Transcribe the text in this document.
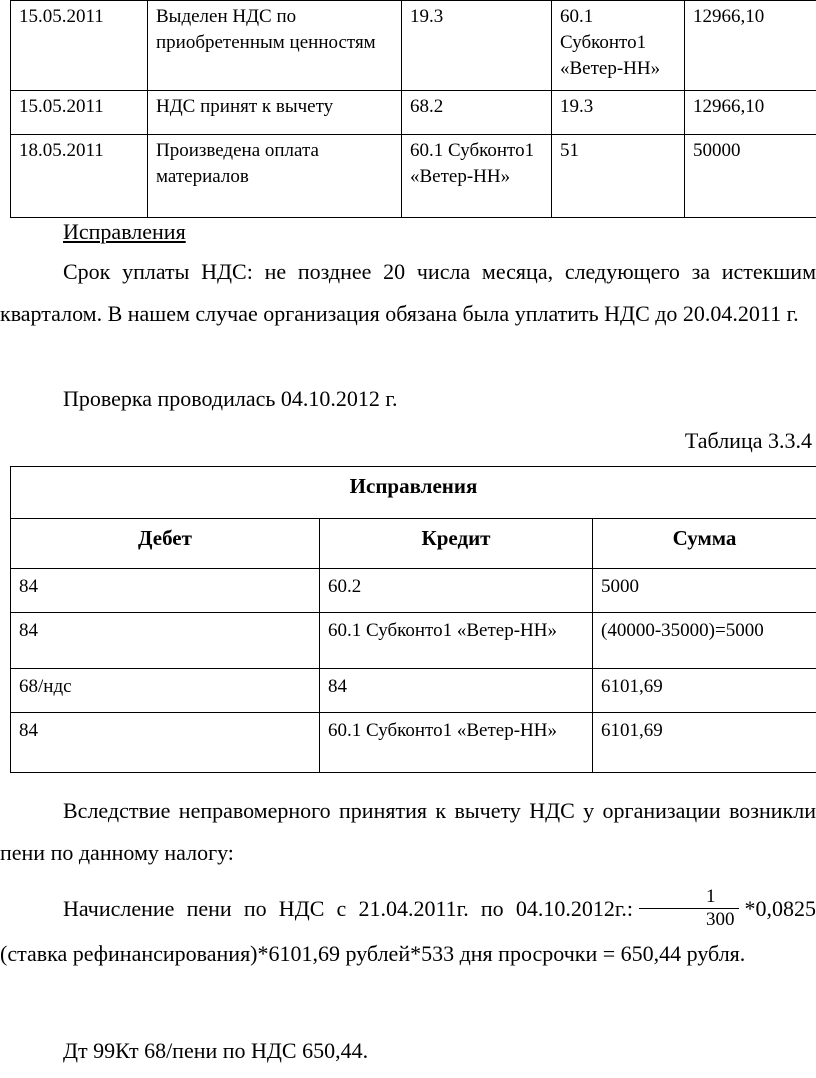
15.05.2011	Выделен НДС по приобретенным ценностям	19.3	60.1 Субконто1 «Ветер-НН»	12966,10
15.05.2011	НДС принят к вычету	68.2	19.3	12966,10
18.05.2011	Произведена оплата материалов	60.1 Субконто1 «Ветер-НН»	51	50000

Исправления

Срок уплаты НДС: не позднее 20 числа месяца, следующего за истекшим кварталом. В нашем случае организация обязана была уплатить НДС до 20.04.2011 г.

Проверка проводилась 04.10.2012 г.

Таблица 3.3.4

Исправления		
Дебет	Кредит	Сумма
84	60.2	5000
84	60.1 Субконто1 «Ветер-НН»	(40000-35000)=5000
68/ндс	84	6101,69
84	60.1 Субконто1 «Ветер-НН»	6101,69

Вследствие неправомерного принятия к вычету НДС у организации возникли пени по данному налогу:

Начисление пени по НДС с 21.04.2011г. по 04.10.2012г.: $\frac{1}{300} *0,0825$ (ставка рефинансирования)*6101,69 рублей*533 дня просрочки = 650,44 рубля.

Дт 99Кт 68/пени по НДС 650,44.
